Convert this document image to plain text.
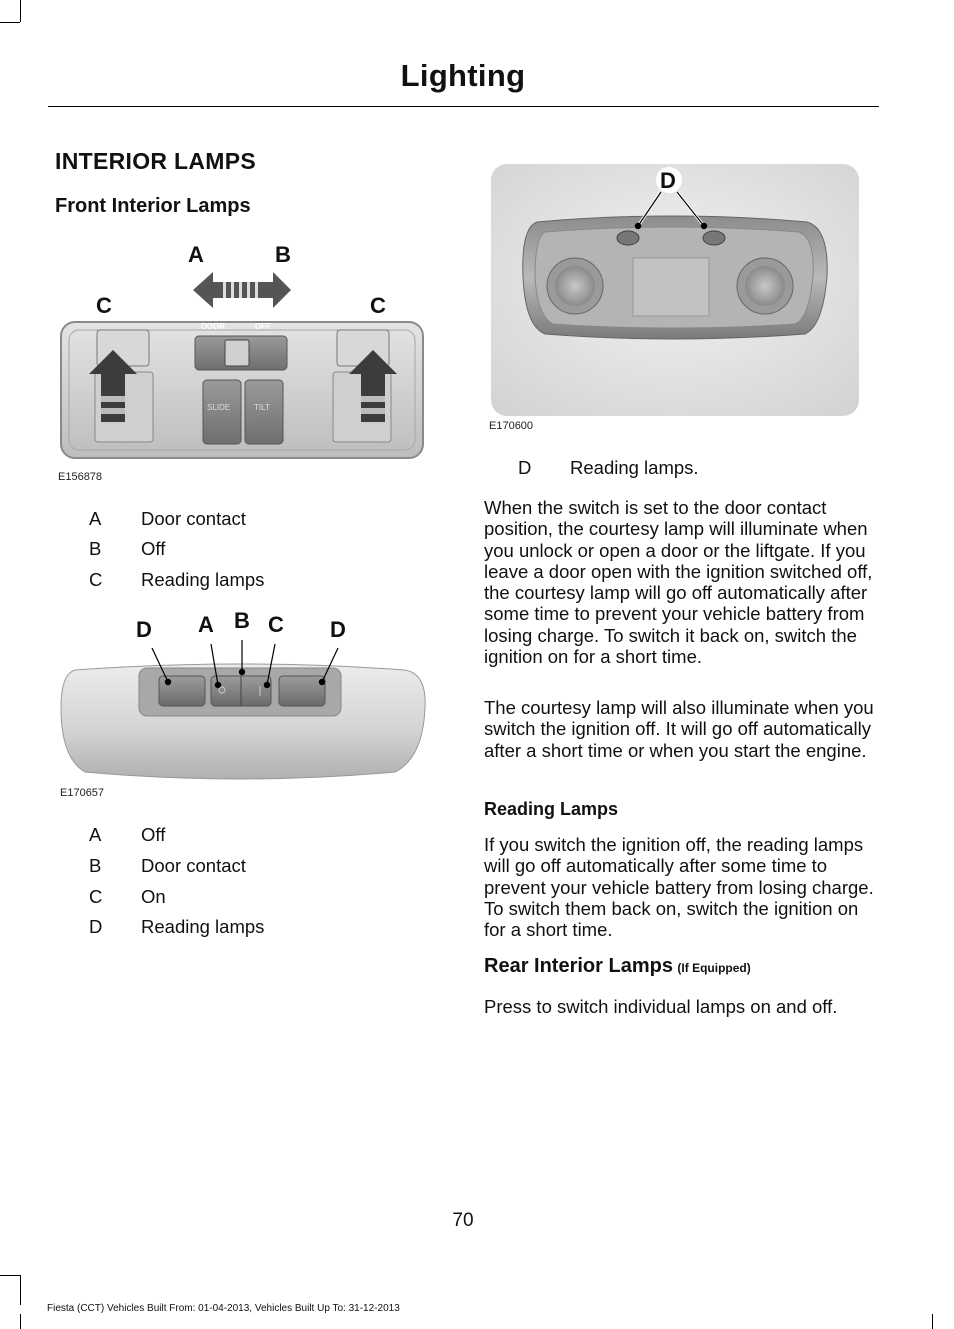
Lighting
INTERIOR LAMPS
Front Interior Lamps
DOOR	OFF
SLIDE	TILT
A	B
C	C
E156878
A Door contact
B Off
C Reading lamps
D A B C D
E170657
A Off
B Door contact
C On
D Reading lamps
D
E170600
D Reading lamps.
When the switch is set to the door contact position, the courtesy lamp will illuminate when you unlock or open a door or the liftgate. If you leave a door open with the ignition switched off, the courtesy lamp will go off automatically after some time to prevent your vehicle battery from losing charge. To switch it back on, switch the ignition on for a short time.
The courtesy lamp will also illuminate when you switch the ignition off. It will go off automatically after a short time or when you start the engine.
Reading Lamps
If you switch the ignition off, the reading lamps will go off automatically after some time to prevent your vehicle battery from losing charge. To switch them back on, switch the ignition on for a short time.
Rear Interior Lamps (If Equipped)
Press to switch individual lamps on and off.
70
Fiesta (CCT) Vehicles Built From: 01-04-2013, Vehicles Built Up To: 31-12-2013
